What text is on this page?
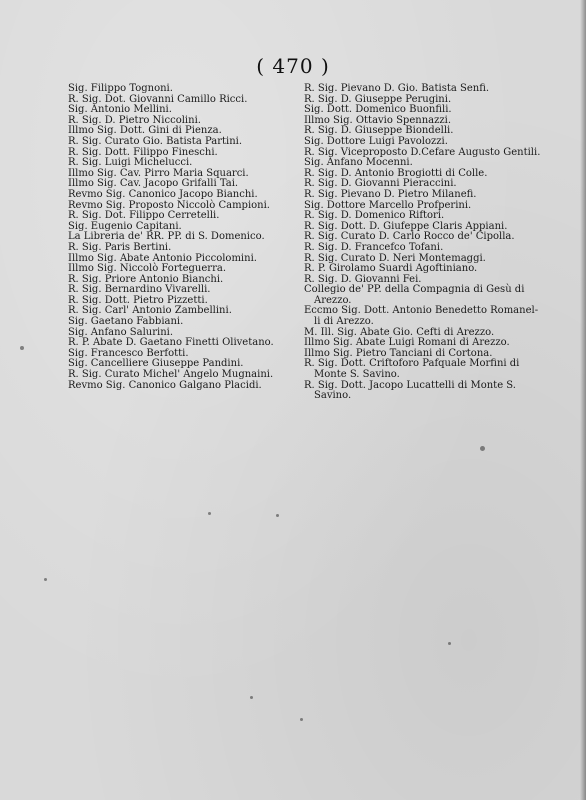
( 470 )
Sig. Filippo Tognoni.
R. Sig. Dot. Giovanni Camillo Ricci.
Sig. Antonio Mellini.
R. Sig. D. Pietro Niccolini.
Illmo Sig. Dott. Gini di Pienza.
R. Sig. Curato Gio. Batista Partini.
R. Sig. Dott. Filippo Fineschi.
R. Sig. Luigi Michelucci.
Illmo Sig. Cav. Pirro Maria Squarci.
Illmo Sig. Cav. Jacopo Grifalli Tai.
Revmo Sig. Canonico Jacopo Bianchi.
Revmo Sig. Proposto Niccolò Campioni.
R. Sig. Dot. Filippo Cerretelli.
Sig. Eugenio Capitani.
La Libreria de' RR. PP. di S. Domenico.
R. Sig. Paris Bertini.
Illmo Sig. Abate Antonio Piccolomini.
Illmo Sig. Niccolò Forteguerra.
R. Sig. Priore Antonio Bianchi.
R. Sig. Bernardino Vivarelli.
R. Sig. Dott. Pietro Pizzetti.
R. Sig. Carl' Antonio Zambellini.
Sig. Gaetano Fabbiani.
Sig. Anfano Salurini.
R. P. Abate D. Gaetano Finetti Olivetano.
Sig. Francesco Berfotti.
Sig. Cancelliere Giuseppe Pandini.
R. Sig. Curato Michel' Angelo Mugnaini.
Revmo Sig. Canonico Galgano Placidi.
R. Sig. Pievano D. Gio. Batista Senfi.
R. Sig. D. Giuseppe Perugini.
Sig. Dott. Domenico Buonfili.
Illmo Sig. Ottavio Spennazzi.
R. Sig. D. Giuseppe Biondelli.
Sig. Dottore Luigi Pavolozzi.
R. Sig. Viceproposto D.Cefare Augusto Gentili.
Sig. Anfano Mocenni.
R. Sig. D. Antonio Brogiotti di Colle.
R. Sig. D. Giovanni Pieraccini.
R. Sig. Pievano D. Pietro Milanefi.
Sig. Dottore Marcello Profperini.
R. Sig. D. Domenico Riftori.
R. Sig. Dott. D. Giufeppe Claris Appiani.
R. Sig. Curato D. Carlo Rocco de' Cipolla.
R. Sig. D. Francefco Tofani.
R. Sig. Curato D. Neri Montemaggi.
R. P. Girolamo Suardi Agoftiniano.
R. Sig. D. Giovanni Fei.
Collegio de' PP. della Compagnia di Gesù di
Arezzo.
Eccmo Sig. Dott. Antonio Benedetto Romanel-
li di Arezzo.
M. Ill. Sig. Abate Gio. Cefti di Arezzo.
Illmo Sig. Abate Luigi Romani di Arezzo.
Illmo Sig. Pietro Tanciani di Cortona.
R. Sig. Dott. Criftoforo Pafquale Morfini di
Monte S. Savino.
R. Sig. Dott. Jacopo Lucattelli di Monte S.
Savino.
